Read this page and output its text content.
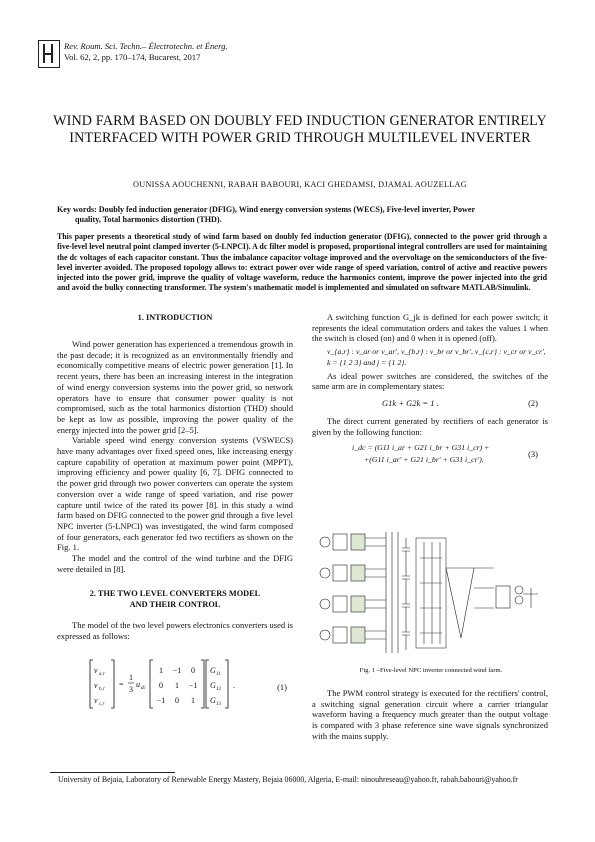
Rev. Roum. Sci. Techn.– Électrotechn. et Énerg.
Vol. 62, 2, pp. 170–174, Bucarest, 2017
WIND FARM BASED ON DOUBLY FED INDUCTION GENERATOR ENTIRELY INTERFACED WITH POWER GRID THROUGH MULTILEVEL INVERTER
OUNISSA AOUCHENNI, RABAH BABOURI, KACI GHEDAMSI, DJAMAL AOUZELLAG
Key words: Doubly fed induction generator (DFIG), Wind energy conversion systems (WECS), Five-level inverter, Power
quality, Total harmonics distortion (THD).
This paper presents a theoretical study of wind farm based on doubly fed induction generator (DFIG), connected to the power grid through a five-level level neutral point clamped inverter (5-LNPCI). A dc filter model is proposed, proportional integral controllers are used for maintaining the dc voltages of each capacitor constant. Thus the imbalance capacitor voltage improved and the overvoltage on the semiconductors of the five-level inverter avoided. The proposed topology allows to: extract power over wide range of speed variation, control of active and reactive powers injected into the power grid, improve the quality of voltage waveform, reduce the harmonics content, improve the power injected into the grid and avoid the bulky connecting transformer. The system's mathematic model is implemented and simulated on software MATLAB/Simulink.
1. INTRODUCTION

Wind power generation has experienced a tremendous growth in the past decade; it is recognized as an environmentally friendly and economically competitive means of electric power generation [1]. In recent years, there has been an increasing interest in the integration of wind energy conversion systems into the power grid, so network operators have to ensure that consumer power quality is not compromised, such as the total harmonics distortion (THD) should be kept as low as possible, improving the power quality of the energy injected into the power grid [2–5].

Variable speed wind energy conversion systems (VSWECS) have many advantages over fixed speed ones, like increasing energy capture capability of operation at maximum power point (MPPT), improving efficiency and power quality [6, 7]. DFIG connected to the power grid through two power converters can operate the system conversion over a wide range of speed variation, and rise power capture until twice of the rated its power [8]. in this study a wind farm based on DFIG connected to the power grid through a five level NPC inverter (5-LNPCI) was investigated, the wind farm composed of four generators, each generator fed two rectifiers as shown on the Fig. 1.

The model and the control of the wind turbine and the DFIG were detailed in [8].

2. THE TWO LEVEL CONVERTERS MODEL
AND THEIR CONTROL

The model of the two level powers electronics converters used is expressed as follows:

v a,r
v b,r
v c,r
=
1
3
u dc
1 −1 0
0 1 −1
−1 0 1
G 11
G 12
G 13
.	(1)

A switching function G_jk is defined for each power switch; it represents the ideal commutation orders and takes the values 1 when the switch is closed (on) and 0 when it is opened (off).

v_{a,r} : v_ar or v_ar', v_{b,r} : v_br or v_br', v_{c,r} : v_cr or v_cr',

k = {1 2 3} and j = {1 2}.

As ideal power switches are considered, the switches of the same arm are in complementary states:

G1k + G2k = 1 .	(2)

The direct current generated by rectifiers of each generator is given by the following function:

i_dc = (G11 i_ar + G21 i_br + G31 i_cr) +
+(G11 i_ar' + G21 i_br' + G31 i_cr').
(3)
Fig. 1 –Five-level NPC inverter connected wind farm.

The PWM control strategy is executed for the rectifiers' control, a switching signal generation circuit where a carrier triangular waveform having a frequency much greater than the output voltage is compared with 3 phase reference sine wave signals synchronized with the mains supply.

University of Bejaia, Laboratory of Renewable Energy Mastery, Bejaia 06000, Algeria, E-mail: ninouhreseau@yahoo.fr, rabah.babouri@yahoo.fr
